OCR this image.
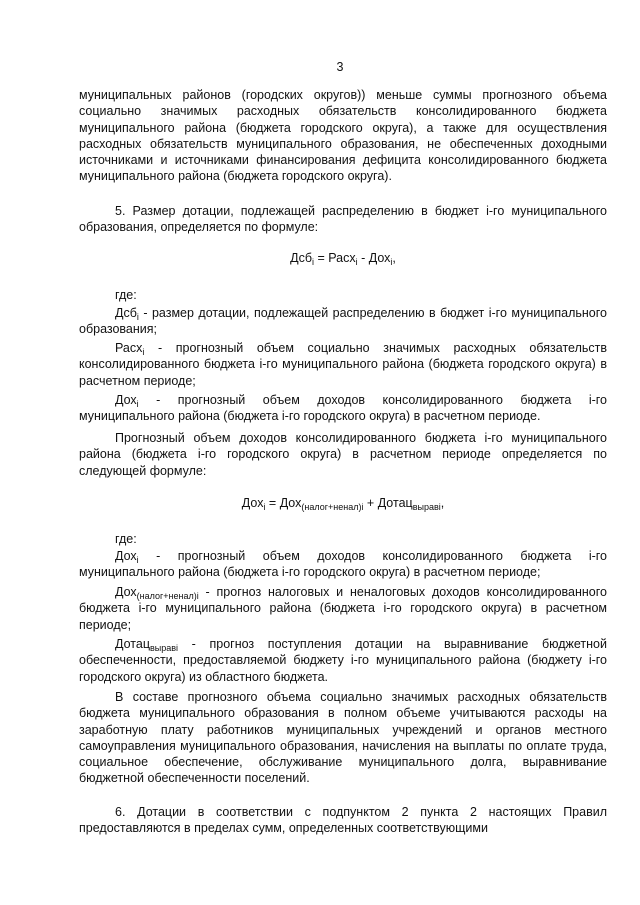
3
муниципальных районов (городских округов)) меньше суммы прогнозного объема социально значимых расходных обязательств консолидированного бюджета муниципального района (бюджета городского округа), а также для осуществления расходных обязательств муниципального образования, не обеспеченных доходными источниками и источниками финансирования дефицита консолидированного бюджета муниципального района (бюджета городского округа).
5. Размер дотации, подлежащей распределению в бюджет i-го муниципального образования, определяется по формуле:
Дсб$_i$ = Расх$_i$ - Дох$_i$,
где:
Дсб$_i$ - размер дотации, подлежащей распределению в бюджет i-го муниципального образования;
Расх$_i$ - прогнозный объем социально значимых расходных обязательств консолидированного бюджета i-го муниципального района (бюджета городского округа) в расчетном периоде;
Дох$_i$ - прогнозный объем доходов консолидированного бюджета i-го муниципального района (бюджета i-го городского округа) в расчетном периоде.
Прогнозный объем доходов консолидированного бюджета i-го муниципального района (бюджета i-го городского округа) в расчетном периоде определяется по следующей формуле:
Дох$_i$ = Дох$_{(налог+ненал)i}$ + Дотац$_{выравi}$,
где:
Дох$_i$ - прогнозный объем доходов консолидированного бюджета i-го муниципального района (бюджета i-го городского округа) в расчетном периоде;
Дох$_{(налог+ненал)i}$ - прогноз налоговых и неналоговых доходов консолидированного бюджета i-го муниципального района (бюджета i-го городского округа) в расчетном периоде;
Дотац$_{выравi}$ - прогноз поступления дотации на выравнивание бюджетной обеспеченности, предоставляемой бюджету i-го муниципального района (бюджету i-го городского округа) из областного бюджета.
В составе прогнозного объема социально значимых расходных обязательств бюджета муниципального образования в полном объеме учитываются расходы на заработную плату работников муниципальных учреждений и органов местного самоуправления муниципального образования, начисления на выплаты по оплате труда, социальное обеспечение, обслуживание муниципального долга, выравнивание бюджетной обеспеченности поселений.
6. Дотации в соответствии с подпунктом 2 пункта 2 настоящих Правил предоставляются в пределах сумм, определенных соответствующими
